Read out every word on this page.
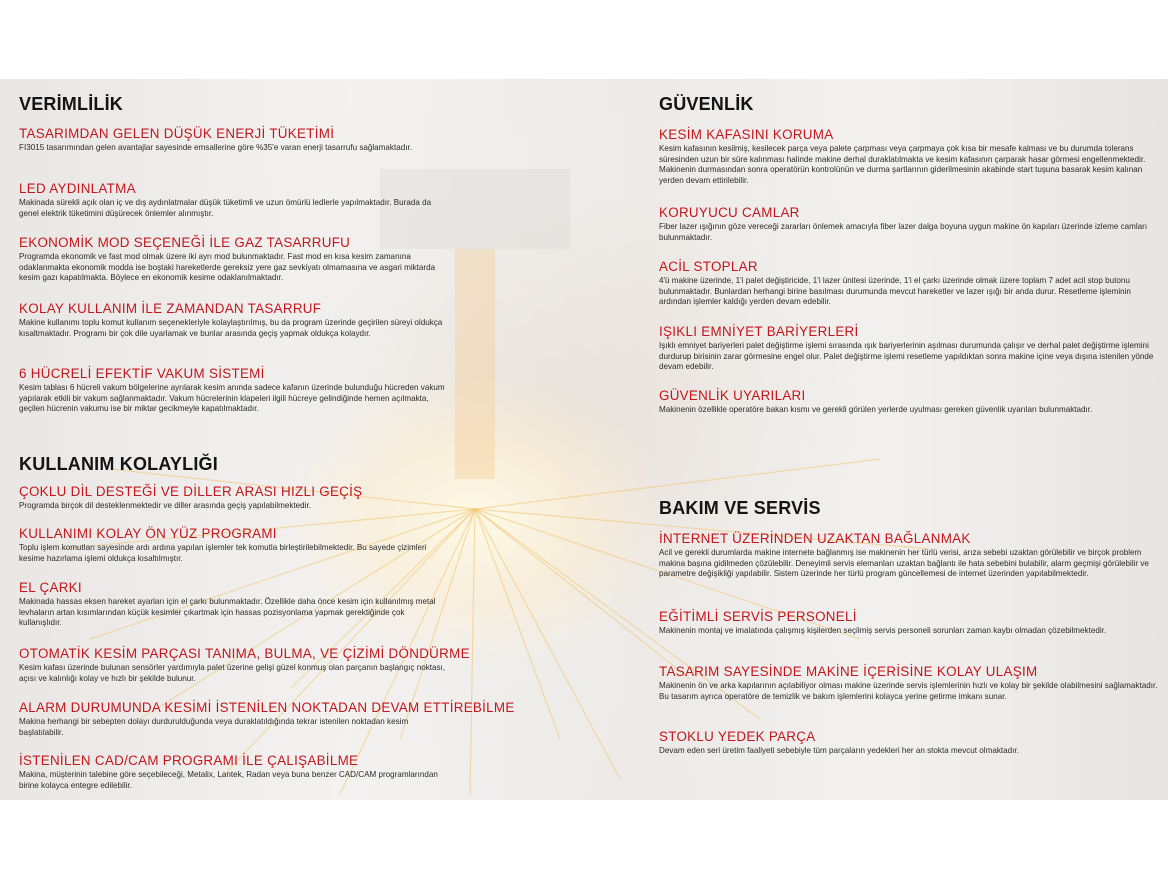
VERİMLİLİK
TASARIMDAN GELEN DÜŞÜK ENERJİ TÜKETİMİ

FI3015 tasarımından gelen avantajlar sayesinde emsallerine göre %35'e varan enerji tasarrufu sağlamaktadır.

LED AYDINLATMA

Makinada sürekli açık olan iç ve dış aydınlatmalar düşük tüketimli ve uzun ömürlü ledlerle yapılmaktadır. Burada da genel elektrik tüketimini düşürecek önlemler alınmıştır.

EKONOMİK MOD SEÇENEĞİ İLE GAZ TASARRUFU

Programda ekonomik ve fast mod olmak üzere iki ayrı mod bulunmaktadır. Fast mod en kısa kesim zamanına odaklanmakta ekonomik modda ise boştaki hareketlerde gereksiz yere gaz sevkiyatı olmamasına ve asgari miktarda kesim gazı kapatılmakta. Böylece en ekonomik kesime odaklanılmaktadır.

KOLAY KULLANIM İLE ZAMANDAN TASARRUF

Makine kullanımı toplu komut kullanım seçenekleriyle kolaylaştırılmış, bu da program üzerinde geçirilen süreyi oldukça kısaltmaktadır. Programı bir çok dile uyarlamak ve bunlar arasında geçiş yapmak oldukça kolaydır.

6 HÜCRELİ EFEKTİF VAKUM SİSTEMİ

Kesim tablası 6 hücreli vakum bölgelerine ayrılarak kesim anında sadece kafanın üzerinde bulunduğu hücreden vakum yapılarak etkili bir vakum sağlanmaktadır. Vakum hücrelerinin klapeleri ilgili hücreye gelindiğinde hemen açılmakta, geçilen hücrenin vakumu ise bir miktar gecikmeyle kapatılmaktadır.

KULLANIM KOLAYLIĞI
ÇOKLU DİL DESTEĞİ VE DİLLER ARASI HIZLI GEÇİŞ

Programda birçok dil desteklenmektedir ve diller arasında geçiş yapılabilmektedir.

KULLANIMI KOLAY ÖN YÜZ PROGRAMI

Toplu işlem komutları sayesinde ardı ardına yapılan işlemler tek komutla birleştirilebilmektedir. Bu sayede çizimleri kesime hazırlama işlemi oldukça kısaltılmıştır.

EL ÇARKI

Makinada hassas eksen hareket ayarları için el çarkı bulunmaktadır. Özellikle daha önce kesim için kullanılmış metal levhaların artan kısımlarından küçük kesimler çıkartmak için hassas pozisyonlama yapmak gerektiğinde çok kullanışlıdır.

OTOMATİK KESİM PARÇASI TANIMA, BULMA, VE ÇİZİMİ DÖNDÜRME

Kesim kafası üzerinde bulunan sensörler yardımıyla palet üzerine gelişi güzel konmuş olan parçanın başlangıç noktası, açısı ve kalınlığı kolay ve hızlı bir şekilde bulunur.

ALARM DURUMUNDA KESİMİ İSTENİLEN NOKTADAN DEVAM ETTİREBİLME

Makina herhangi bir sebepten dolayı durdurulduğunda veya duraklatıldığında tekrar istenilen noktadan kesim başlatılabilir.

İSTENİLEN CAD/CAM PROGRAMI İLE ÇALIŞABİLME

Makina, müşterinin talebine göre seçebileceği, Metalix, Lantek, Radan veya buna benzer CAD/CAM programlarından birine kolayca entegre edilebilir.

GÜVENLİK
KESİM KAFASINI KORUMA

Kesim kafasının kesilmiş, kesilecek parça veya palete çarpması veya çarpmaya çok kısa bir mesafe kalması ve bu durumda tolerans süresinden uzun bir süre kalınması halinde makine derhal duraklatılmakta ve kesim kafasının çarparak hasar görmesi engellenmektedir. Makinenin durmasından sonra operatörün kontrolünün ve durma şartlarının giderilmesinin akabinde start tuşuna basarak kesim kalınan yerden devam ettirilebilir.

KORUYUCU CAMLAR

Fiber lazer ışığının göze vereceği zararları önlemek amacıyla fiber lazer dalga boyuna uygun makine ön kapıları üzerinde izleme camları bulunmaktadır.

ACİL STOPLAR

4'ü makine üzerinde, 1'i palet değiştiricide, 1'i lazer ünitesi üzerinde, 1'i el çarkı üzerinde olmak üzere toplam 7 adet acil stop butonu bulunmaktadır. Bunlardan herhangi birine basılması durumunda mevcut hareketler ve lazer ışığı bir anda durur. Resetleme işleminin ardından işlemler kaldığı yerden devam edebilir.

IŞIKLI EMNİYET BARİYERLERİ

Işıklı emniyet bariyerleri palet değiştirme işlemi sırasında ışık bariyerlerinin aşılması durumunda çalışır ve derhal palet değiştirme işlemini durdurup birisinin zarar görmesine engel olur. Palet değiştirme işlemi resetleme yapıldıktan sonra makine içine veya dışına istenilen yönde devam edebilir.

GÜVENLİK UYARILARI

Makinenin özellikle operatöre bakan kısmı ve gerekli görülen yerlerde uyulması gereken güvenlik uyarıları bulunmaktadır.

BAKIM VE SERVİS
İNTERNET ÜZERİNDEN UZAKTAN BAĞLANMAK

Acil ve gerekli durumlarda makine internete bağlanmış ise makinenin her türlü verisi, arıza sebebi uzaktan görülebilir ve birçok problem makina başına gidilmeden çözülebilir. Deneyimli servis elemanları uzaktan bağlantı ile hata sebebini bulabilir, alarm geçmişi görülebilir ve parametre değişikliği yapılabilir. Sistem üzerinde her türlü program güncellemesi de internet üzerinden yapılabilmektedir.

EĞİTİMLİ SERVİS PERSONELİ

Makinenin montaj ve imalatında çalışmış kişilerden seçilmiş servis personeli sorunları zaman kaybı olmadan çözebilmektedir.

TASARIM SAYESİNDE MAKİNE İÇERİSİNE KOLAY ULAŞIM

Makinenin ön ve arka kapılarının açılabiliyor olması makine üzerinde servis işlemlerinin hızlı ve kolay bir şekilde olabilmesini sağlamaktadır. Bu tasarım ayrıca operatöre de temizlik ve bakım işlemlerini kolayca yerine getirme imkanı sunar.

STOKLU YEDEK PARÇA

Devam eden seri üretim faaliyeti sebebiyle tüm parçaların yedekleri her an stokta mevcut olmaktadır.
